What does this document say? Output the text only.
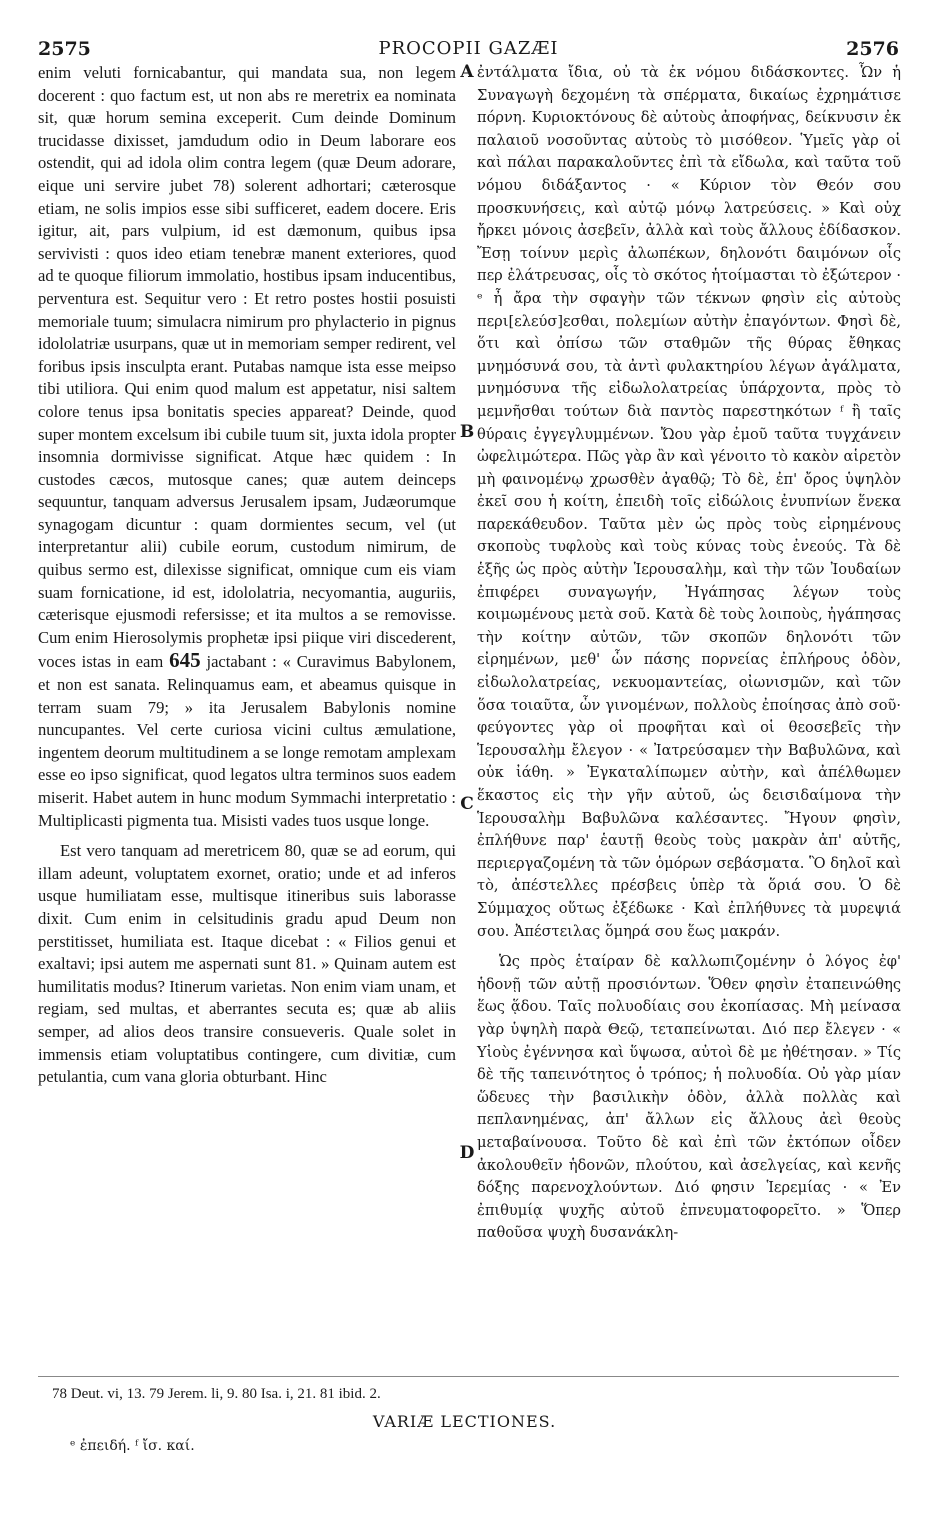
2575	PROCOPII GAZÆI	2576

enim veluti fornicabantur, qui mandata sua, non legem docerent : quo factum est, ut non abs re meretrix ea nominata sit, quæ horum semina exceperit. Cum deinde Dominum trucidasse dixisset, jamdudum odio in Deum laborare eos ostendit, qui ad idola olim contra legem (quæ Deum adorare, eique uni servire jubet 78) solerent adhortari; cæterosque etiam, ne solis impios esse sibi sufficeret, eadem docere. Eris igitur, ait, pars vulpium, id est dæmonum, quibus ipsa servivisti : quos ideo etiam tenebræ manent exteriores, quod ad te quoque filiorum immolatio, hostibus ipsam inducentibus, perventura est. Sequitur vero : Et retro postes hostii posuisti memoriale tuum; simulacra nimirum pro phylacterio in pignus idololatriæ usurpans, quæ ut in memoriam semper redirent, vel foribus ipsis insculpta erant. Putabas namque ista esse meipso tibi utiliora. Qui enim quod malum est appetatur, nisi saltem colore tenus ipsa bonitatis species appareat? Deinde, quod super montem excelsum ibi cubile tuum sit, juxta idola propter insomnia dormivisse significat. Atque hæc quidem : In custodes cæcos, mutosque canes; quæ autem deinceps sequuntur, tanquam adversus Jerusalem ipsam, Judæorumque synagogam dicuntur : quam dormientes secum, vel (ut interpretantur alii) cubile eorum, custodum nimirum, de quibus sermo est, dilexisse significat, omnique cum eis viam suam fornicatione, id est, idololatria, necyomantia, auguriis, cæterisque ejusmodi refersisse; et ita multos a se removisse. Cum enim Hierosolymis prophetæ ipsi piique viri discederent, voces istas in eam 645 jactabant : « Curavimus Babylonem, et non est sanata. Relinquamus eam, et abeamus quisque in terram suam 79; » ita Jerusalem Babylonis nomine nuncupantes. Vel certe curiosa vicini cultus æmulatione, ingentem deorum multitudinem a se longe remotam amplexam esse eo ipso significat, quod legatos ultra terminos suos eadem miserit. Habet autem in hunc modum Symmachi interpretatio : Multiplicasti pigmenta tua. Misisti vades tuos usque longe.

Est vero tanquam ad meretricem 80, quæ se ad eorum, qui illam adeunt, voluptatem exornet, oratio; unde et ad inferos usque humiliatam esse, multisque itineribus suis laborasse dixit. Cum enim in celsitudinis gradu apud Deum non perstitisset, humiliata est. Itaque dicebat : « Filios genui et exaltavi; ipsi autem me aspernati sunt 81. » Quinam autem est humilitatis modus? Itinerum varietas. Non enim viam unam, et regiam, sed multas, et aberrantes secuta es; quæ ab aliis semper, ad alios deos transire consueveris. Quale solet in immensis etiam voluptatibus contingere, cum divitiæ, cum petulantia, cum vana gloria obturbant. Hinc

A
B
C
D

ἐντάλματα ἴδια, οὐ τὰ ἐκ νόμου διδάσκοντες. Ὧν ἡ Συναγωγὴ δεχομένη τὰ σπέρματα, δικαίως ἐχρημάτισε πόρνη. Κυριοκτόνους δὲ αὐτοὺς ἀποφήνας, δείκνυσιν ἐκ παλαιοῦ νοσοῦντας αὐτοὺς τὸ μισόθεον. Ὑμεῖς γὰρ οἱ καὶ πάλαι παρακαλοῦντες ἐπὶ τὰ εἴδωλα, καὶ ταῦτα τοῦ νόμου διδάξαντος · « Κύριον τὸν Θεόν σου προσκυνήσεις, καὶ αὐτῷ μόνῳ λατρεύσεις. » Καὶ οὐχ ἤρκει μόνοις ἀσεβεῖν, ἀλλὰ καὶ τοὺς ἄλλους ἐδίδασκον. Ἔσῃ τοίνυν μερὶς ἀλωπέκων, δηλονότι δαιμόνων οἷς περ ἐλάτρευσας, οἷς τὸ σκότος ἡτοίμασται τὸ ἐξώτερον · ᵉ ἦ ἄρα τὴν σφαγὴν τῶν τέκνων φησὶν εἰς αὐτοὺς περι[ελεύσ]εσθαι, πολεμίων αὐτὴν ἐπαγόντων. Φησὶ δὲ, ὅτι καὶ ὀπίσω τῶν σταθμῶν τῆς θύρας ἔθηκας μνημόσυνά σου, τὰ ἀντὶ φυλακτηρίου λέγων ἀγάλματα, μνημόσυνα τῆς εἰδωλολατρείας ὑπάρχοντα, πρὸς τὸ μεμνῆσθαι τούτων διὰ παντὸς παρεστηκότων ᶠ ἢ ταῖς θύραις ἐγγεγλυμμένων. Ὤου γὰρ ἐμοῦ ταῦτα τυγχάνειν ὠφελιμώτερα. Πῶς γὰρ ἂν καὶ γένοιτο τὸ κακὸν αἱρετὸν μὴ φαινομένῳ χρωσθὲν ἀγαθῷ; Τὸ δὲ, ἐπ' ὄρος ὑψηλὸν ἐκεῖ σου ἡ κοίτη, ἐπειδὴ τοῖς εἰδώλοις ἐνυπνίων ἕνεκα παρεκάθευδον. Ταῦτα μὲν ὡς πρὸς τοὺς εἰρημένους σκοποὺς τυφλοὺς καὶ τοὺς κύνας τοὺς ἐνεούς. Τὰ δὲ ἑξῆς ὡς πρὸς αὐτὴν Ἱερουσαλὴμ, καὶ τὴν τῶν Ἰουδαίων ἐπιφέρει συναγωγήν, Ἠγάπησας λέγων τοὺς κοιμωμένους μετὰ σοῦ. Κατὰ δὲ τοὺς λοιποὺς, ἠγάπησας τὴν κοίτην αὐτῶν, τῶν σκοπῶν δηλονότι τῶν εἰρημένων, μεθ' ὧν πάσης πορνείας ἐπλήρους ὁδὸν, εἰδωλολατρείας, νεκυομαντείας, οἰωνισμῶν, καὶ τῶν ὅσα τοιαῦτα, ὧν γινομένων, πολλοὺς ἐποίησας ἀπὸ σοῦ· φεύγοντες γὰρ οἱ προφῆται καὶ οἱ θεοσεβεῖς τὴν Ἱερουσαλὴμ ἔλεγον · « Ἰατρεύσαμεν τὴν Βαβυλῶνα, καὶ οὐκ ἰάθη. » Ἐγκαταλίπωμεν αὐτὴν, καὶ ἀπέλθωμεν ἕκαστος εἰς τὴν γῆν αὐτοῦ, ὡς δεισιδαίμονα τὴν Ἱερουσαλὴμ Βαβυλῶνα καλέσαντες. Ἤγουν φησὶν, ἐπλήθυνε παρ' ἑαυτῇ θεοὺς τοὺς μακρὰν ἀπ' αὐτῆς, περιεργαζομένη τὰ τῶν ὁμόρων σεβάσματα. Ὃ δηλοῖ καὶ τὸ, ἀπέστελλες πρέσβεις ὑπὲρ τὰ ὅριά σου. Ὁ δὲ Σύμμαχος οὕτως ἐξέδωκε · Καὶ ἐπλήθυνες τὰ μυρεψιά σου. Ἀπέστειλας ὅμηρά σου ἕως μακράν.

Ὡς πρὸς ἑταίραν δὲ καλλωπιζομένην ὁ λόγος ἐφ' ἡδονῇ τῶν αὐτῇ προσιόντων. Ὅθεν φησὶν ἐταπεινώθης ἕως ᾅδου. Ταῖς πολυοδίαις σου ἐκοπίασας. Μὴ μείνασα γὰρ ὑψηλὴ παρὰ Θεῷ, τεταπείνωται. Διό περ ἔλεγεν · « Υἱοὺς ἐγέννησα καὶ ὕψωσα, αὐτοὶ δὲ με ἠθέτησαν. » Τίς δὲ τῆς ταπεινότητος ὁ τρόπος; ἡ πολυοδία. Οὐ γὰρ μίαν ὥδευες τὴν βασιλικὴν ὁδὸν, ἀλλὰ πολλὰς καὶ πεπλανημένας, ἀπ' ἄλλων εἰς ἄλλους ἀεὶ θεοὺς μεταβαίνουσα. Τοῦτο δὲ καὶ ἐπὶ τῶν ἐκτόπων οἶδεν ἀκολουθεῖν ἡδονῶν, πλούτου, καὶ ἀσελγείας, καὶ κενῆς δόξης παρενοχλούντων. Διό φησιν Ἱερεμίας · « Ἐν ἐπιθυμίᾳ ψυχῆς αὐτοῦ ἐπνευματοφορεῖτο. » Ὅπερ παθοῦσα ψυχὴ δυσανάκλη-

78 Deut. vi, 13. 79 Jerem. li, 9. 80 Isa. i, 21. 81 ibid. 2.
VARIÆ LECTIONES.
ᵉ ἐπειδή. ᶠ ἴσ. καί.
